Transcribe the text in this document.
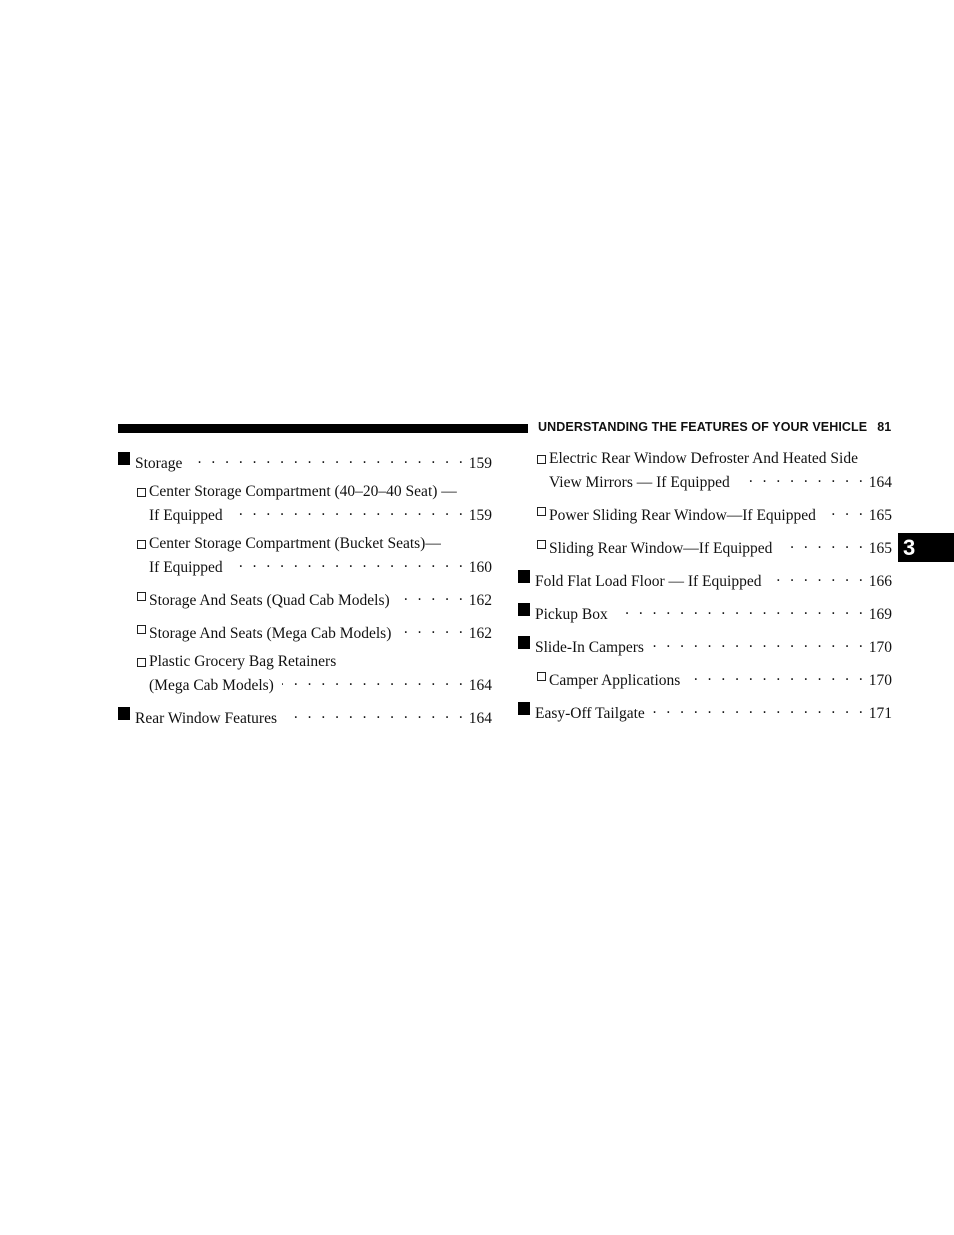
UNDERSTANDING THE FEATURES OF YOUR VEHICLE 81
3
Storage . . .	159
Center Storage Compartment (40–20–40 Seat) —
If Equipped . . .	159
Center Storage Compartment (Bucket Seats)—
If Equipped . . .	160
Storage And Seats (Quad Cab Models) . . .	162
Storage And Seats (Mega Cab Models) . . .	162
Plastic Grocery Bag Retainers
(Mega Cab Models) . . .	164
Rear Window Features . . .	164
Electric Rear Window Defroster And Heated Side
View Mirrors — If Equipped . . .	164
Power Sliding Rear Window—If Equipped . . .	165
Sliding Rear Window—If Equipped . . .	165
Fold Flat Load Floor — If Equipped . . .	166
Pickup Box . . .	169
Slide-In Campers . . .	170
Camper Applications . . .	170
Easy-Off Tailgate . . .	171
